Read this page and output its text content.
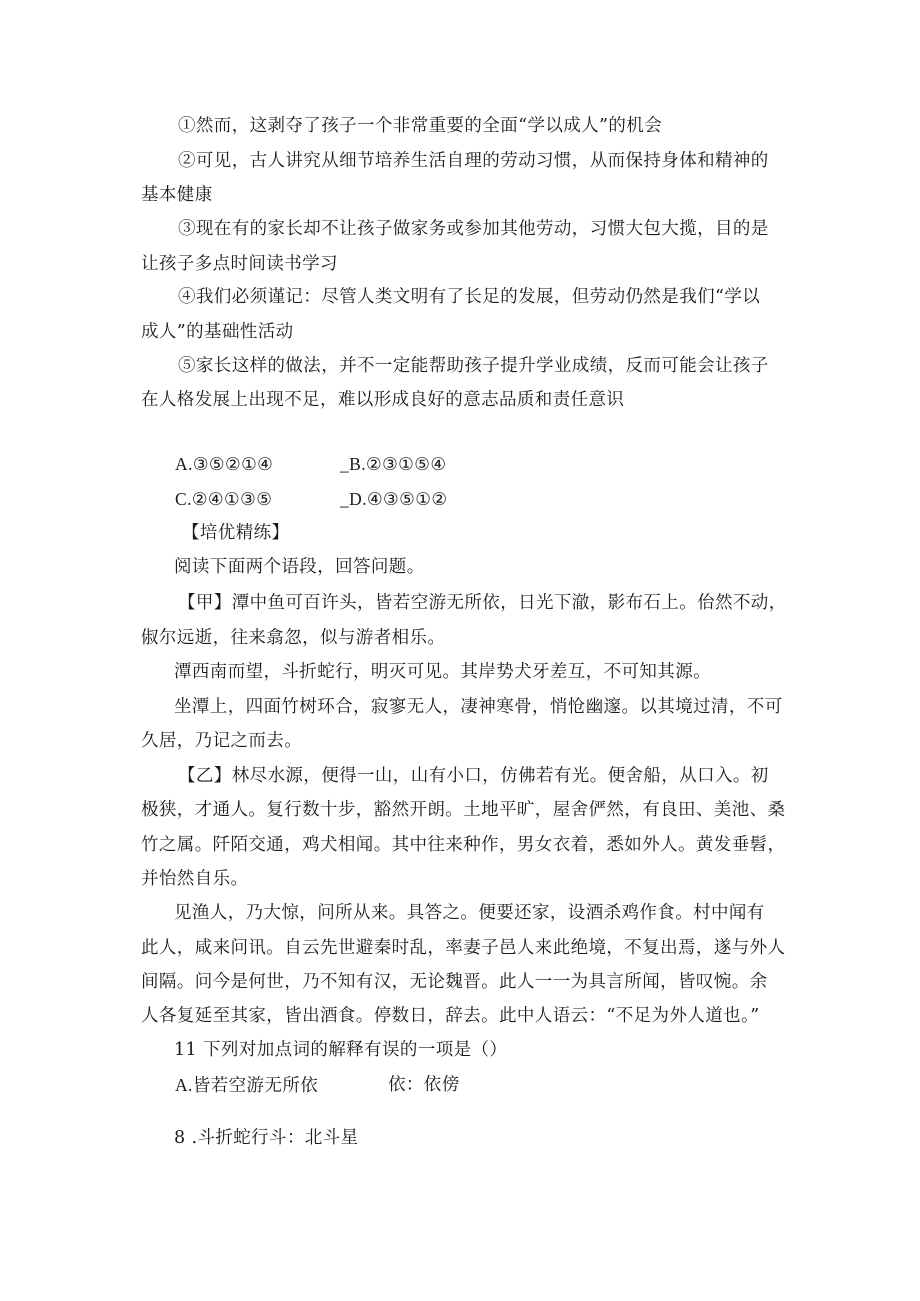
①然而，这剥夺了孩子一个非常重要的全面“学以成人”的机会
②可见，古人讲究从细节培养生活自理的劳动习惯，从而保持身体和精神的
基本健康
③现在有的家长却不让孩子做家务或参加其他劳动，习惯大包大揽，目的是
让孩子多点时间读书学习
④我们必须谨记：尽管人类文明有了长足的发展，但劳动仍然是我们“学以
成人”的基础性活动
⑤家长这样的做法，并不一定能帮助孩子提升学业成绩，反而可能会让孩子
在人格发展上出现不足，难以形成良好的意志品质和责任意识
A.③⑤②①④	_B.②③①⑤④
C.②④①③⑤	_D.④③⑤①②
【培优精练】
阅读下面两个语段，回答问题。
【甲】潭中鱼可百许头，皆若空游无所依，日光下澈，影布石上。佁然不动，
俶尔远逝，往来翕忽，似与游者相乐。
潭西南而望，斗折蛇行，明灭可见。其岸势犬牙差互，不可知其源。
坐潭上，四面竹树环合，寂寥无人，凄神寒骨，悄怆幽邃。以其境过清，不可
久居，乃记之而去。
【乙】林尽水源，便得一山，山有小口，仿佛若有光。便舍船，从口入。初
极狭，才通人。复行数十步，豁然开朗。土地平旷，屋舍俨然，有良田、美池、桑
竹之属。阡陌交通，鸡犬相闻。其中往来种作，男女衣着，悉如外人。黄发垂髫，
并怡然自乐。
见渔人，乃大惊，问所从来。具答之。便要还家，设酒杀鸡作食。村中闻有
此人，咸来问讯。自云先世避秦时乱，率妻子邑人来此绝境，不复出焉，遂与外人
间隔。问今是何世，乃不知有汉，无论魏晋。此人一一为具言所闻，皆叹惋。余
人各复延至其家，皆出酒食。停数日，辞去。此中人语云：“不足为外人道也。”
11 下列对加点词的解释有误的一项是（）
A.皆若空游无所依	依：依傍
8 .斗折蛇行斗：北斗星
